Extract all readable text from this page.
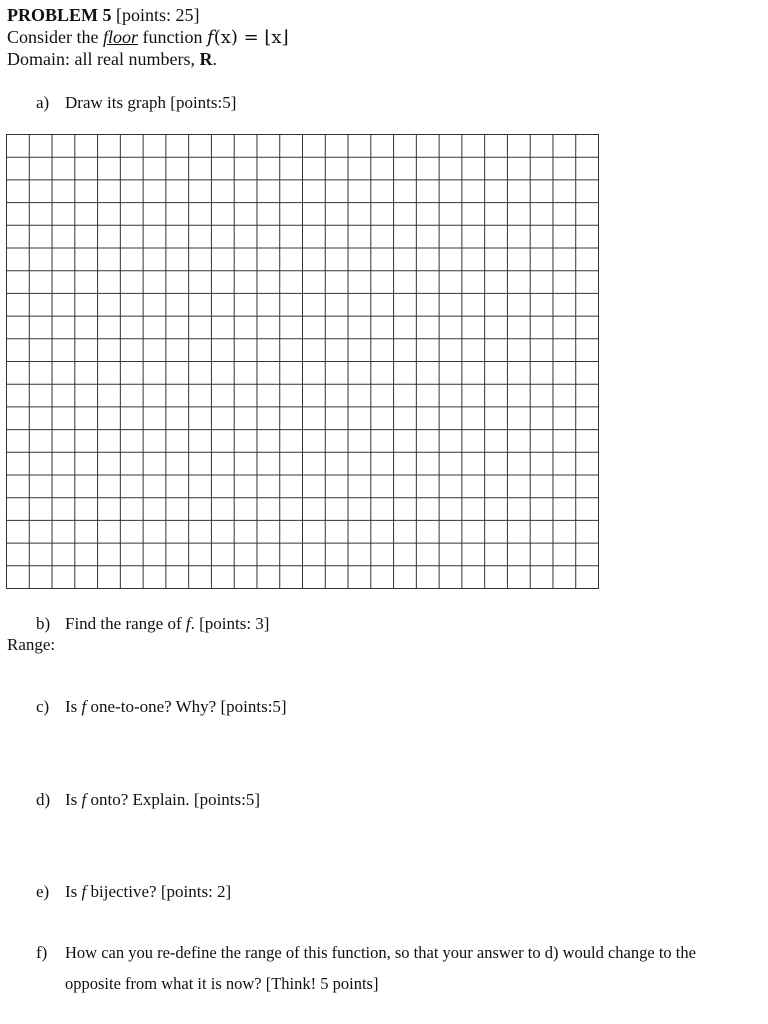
PROBLEM 5 [points: 25]
Consider the floor function f(x) = ⌊x⌋
Domain: all real numbers, R.
a) Draw its graph [points:5]
b) Find the range of f. [points: 3]
Range:
c) Is f one-to-one? Why? [points:5]
d) Is f onto? Explain. [points:5]
e) Is f bijective? [points: 2]
f) How can you re-define the range of this function, so that your answer to d) would change to the
opposite from what it is now? [Think! 5 points]
